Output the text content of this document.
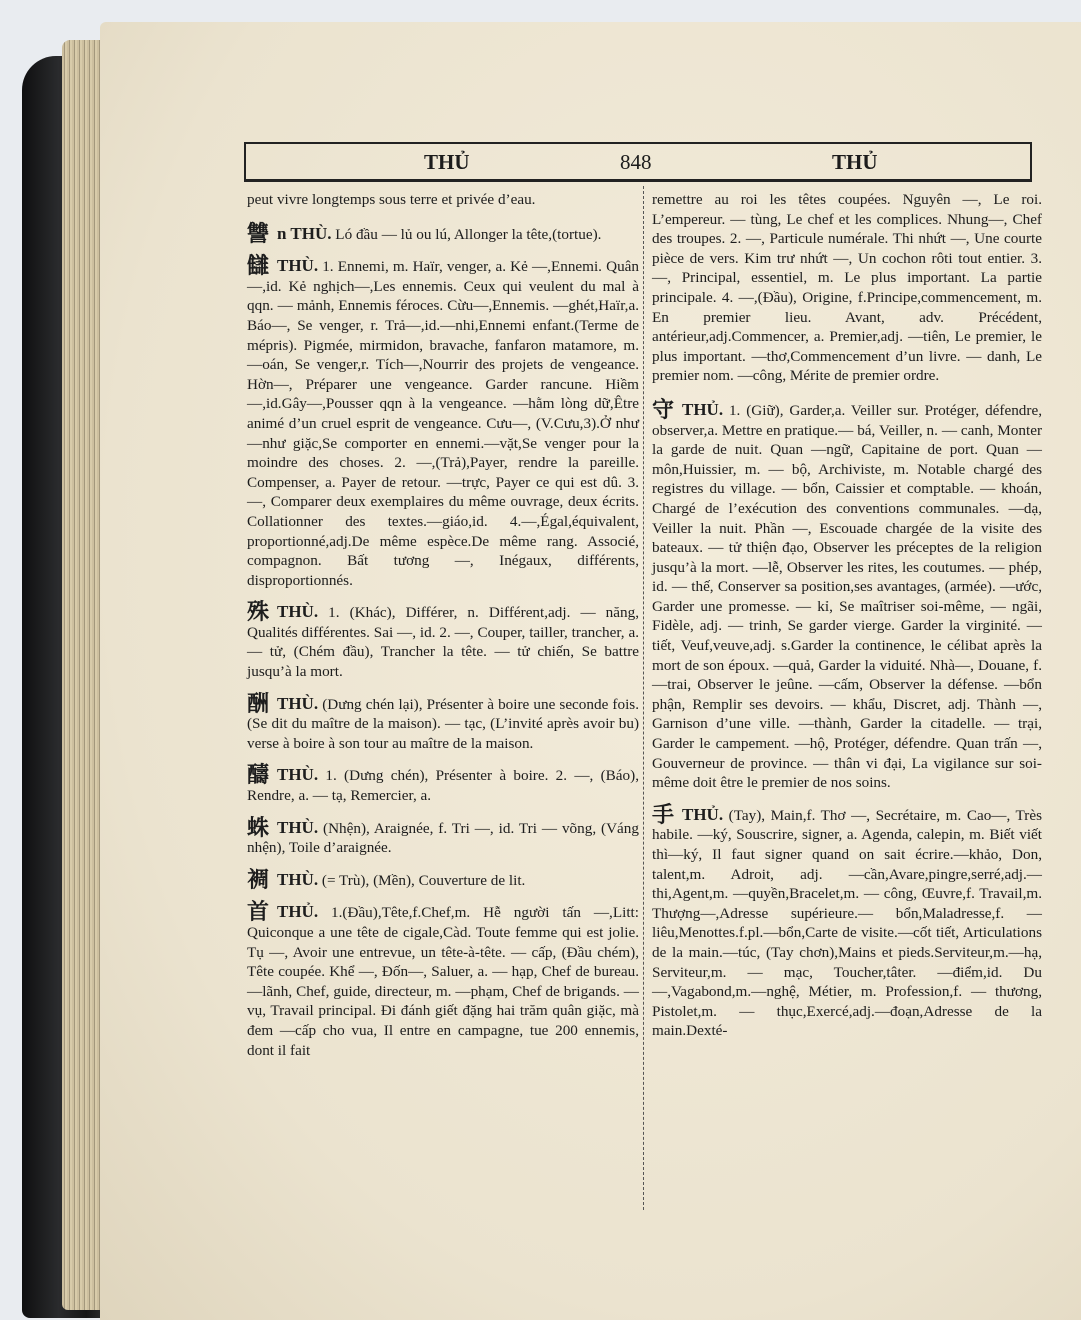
THỦ	848	THỦ

peut vivre longtemps sous terre et privée d’eau.

讐 n THÙ. Ló đầu — lủ ou lú, Allonger la tête,(tortue).

讎 THÙ. 1. Ennemi, m. Haïr, venger, a. Kẻ —,Ennemi. Quân—,id. Kẻ nghịch—,Les ennemis. Ceux qui veulent du mal à qqn. — mảnh, Ennemis féroces. Cừu—,Ennemis. —ghét,Haïr,a. Báo—, Se venger, r. Trả—,id.—nhi,Ennemi enfant.(Terme de mépris). Pigmée, mirmidon, bravache, fanfaron matamore, m. —oán, Se venger,r. Tích—,Nourrir des projets de vengeance. Hờn—, Préparer une vengeance. Garder rancune. Hiềm —,id.Gây—,Pousser qqn à la vengeance. —hằm lòng dữ,Être animé d’un cruel esprit de vengeance. Cưu—, (V.Cưu,3).Ở như —như giặc,Se comporter en ennemi.—vặt,Se venger pour la moindre des choses. 2. —,(Trả),Payer, rendre la pareille. Compenser, a. Payer de retour. —trực, Payer ce qui est dû. 3. —, Comparer deux exemplaires du même ouvrage, deux écrits. Collationner des textes.—giáo,id. 4.—,Égal,équivalent, proportionné,adj.De même espèce.De même rang. Associé, compagnon. Bất tương —, Inégaux, différents, disproportionnés.

殊 THÙ. 1. (Khác), Différer, n. Différent,adj. — năng, Qualités différentes. Sai —, id. 2. —, Couper, tailler, trancher, a. — tử, (Chém đầu), Trancher la tête. — tử chiến, Se battre jusqu’à la mort.

酬 THÙ. (Dưng chén lại), Présenter à boire une seconde fois. (Se dit du maître de la maison). — tạc, (L’invité après avoir bu) verse à boire à son tour au maître de la maison.

醻 THÙ. 1. (Dưng chén), Présenter à boire. 2. —, (Báo), Rendre, a. — tạ, Remercier, a.

蛛 THÙ. (Nhện), Araignée, f. Tri —, id. Tri — võng, (Váng nhện), Toile d’araignée.

裯 THÙ. (= Trù), (Mền), Couverture de lit.

首 THỦ. 1.(Đầu),Tête,f.Chef,m. Hễ người tấn —,Litt: Quiconque a une tête de cigale,Càd. Toute femme qui est jolie. Tụ —, Avoir une entrevue, un tête-à-tête. — cấp, (Đầu chém), Tête coupée. Khể —, Đốn—, Saluer, a. — hạp, Chef de bureau. —lãnh, Chef, guide, directeur, m. —phạm, Chef de brigands. — vụ, Travail principal. Đi đánh giết đặng hai trăm quân giặc, mà đem —cấp cho vua, Il entre en campagne, tue 200 ennemis, dont il fait

remettre au roi les têtes coupées. Nguyên —, Le roi. L’empereur. — tùng, Le chef et les complices. Nhung—, Chef des troupes. 2. —, Particule numérale. Thi nhứt —, Une courte pièce de vers. Kim trư nhứt —, Un cochon rôti tout entier. 3. —, Principal, essentiel, m. Le plus important. La partie principale. 4. —,(Đầu), Origine, f.Principe,commencement, m. En premier lieu. Avant, adv. Précédent, antérieur,adj.Commencer, a. Premier,adj. —tiên, Le premier, le plus important. —thơ,Commencement d’un livre. — danh, Le premier nom. —công, Mérite de premier ordre.

守 THỦ. 1. (Giữ), Garder,a. Veiller sur. Protéger, défendre, observer,a. Mettre en pratique.— bá, Veiller, n. — canh, Monter la garde de nuit. Quan —ngữ, Capitaine de port. Quan —môn,Huissier, m. — bộ, Archiviste, m. Notable chargé des registres du village. — bổn, Caissier et comptable. — khoán, Chargé de l’exécution des conventions communales. —dạ, Veiller la nuit. Phần —, Escouade chargée de la visite des bateaux. — tử thiện đạo, Observer les préceptes de la religion jusqu’à la mort. —lễ, Observer les rites, les coutumes. — phép, id. — thế, Conserver sa position,ses avantages, (armée). —ước, Garder une promesse. — kỉ, Se maîtriser soi-même, — ngãi, Fidèle, adj. — trinh, Se garder vierge. Garder la virginité. — tiết, Veuf,veuve,adj. s.Garder la continence, le célibat après la mort de son époux. —quả, Garder la viduité. Nhà—, Douane, f. —trai, Observer le jeûne. —cấm, Observer la défense. —bổn phận, Remplir ses devoirs. — khẩu, Discret, adj. Thành —, Garnison d’une ville. —thành, Garder la citadelle. — trại, Garder le campement. —hộ, Protéger, défendre. Quan trấn —, Gouverneur de province. — thân vi đại, La vigilance sur soi-même doit être le premier de nos soins.

手 THỦ. (Tay), Main,f. Thơ —, Secrétaire, m. Cao—, Très habile. —ký, Souscrire, signer, a. Agenda, calepin, m. Biết viết thì—ký, Il faut signer quand on sait écrire.—khảo, Don, talent,m. Adroit, adj. —cần,Avare,pingre,serré,adj.—thi,Agent,m. —quyền,Bracelet,m. — công, Œuvre,f. Travail,m. Thượng—,Adresse supérieure.— bổn,Maladresse,f. —liêu,Menottes.f.pl.—bổn,Carte de visite.—cốt tiết, Articulations de la main.—túc, (Tay chơn),Mains et pieds.Serviteur,m.—hạ, Serviteur,m. — mạc, Toucher,tâter. —điểm,id. Du—,Vagabond,m.—nghệ, Métier, m. Profession,f. — thương, Pistolet,m. — thục,Exercé,adj.—đoạn,Adresse de la main.Dexté-
